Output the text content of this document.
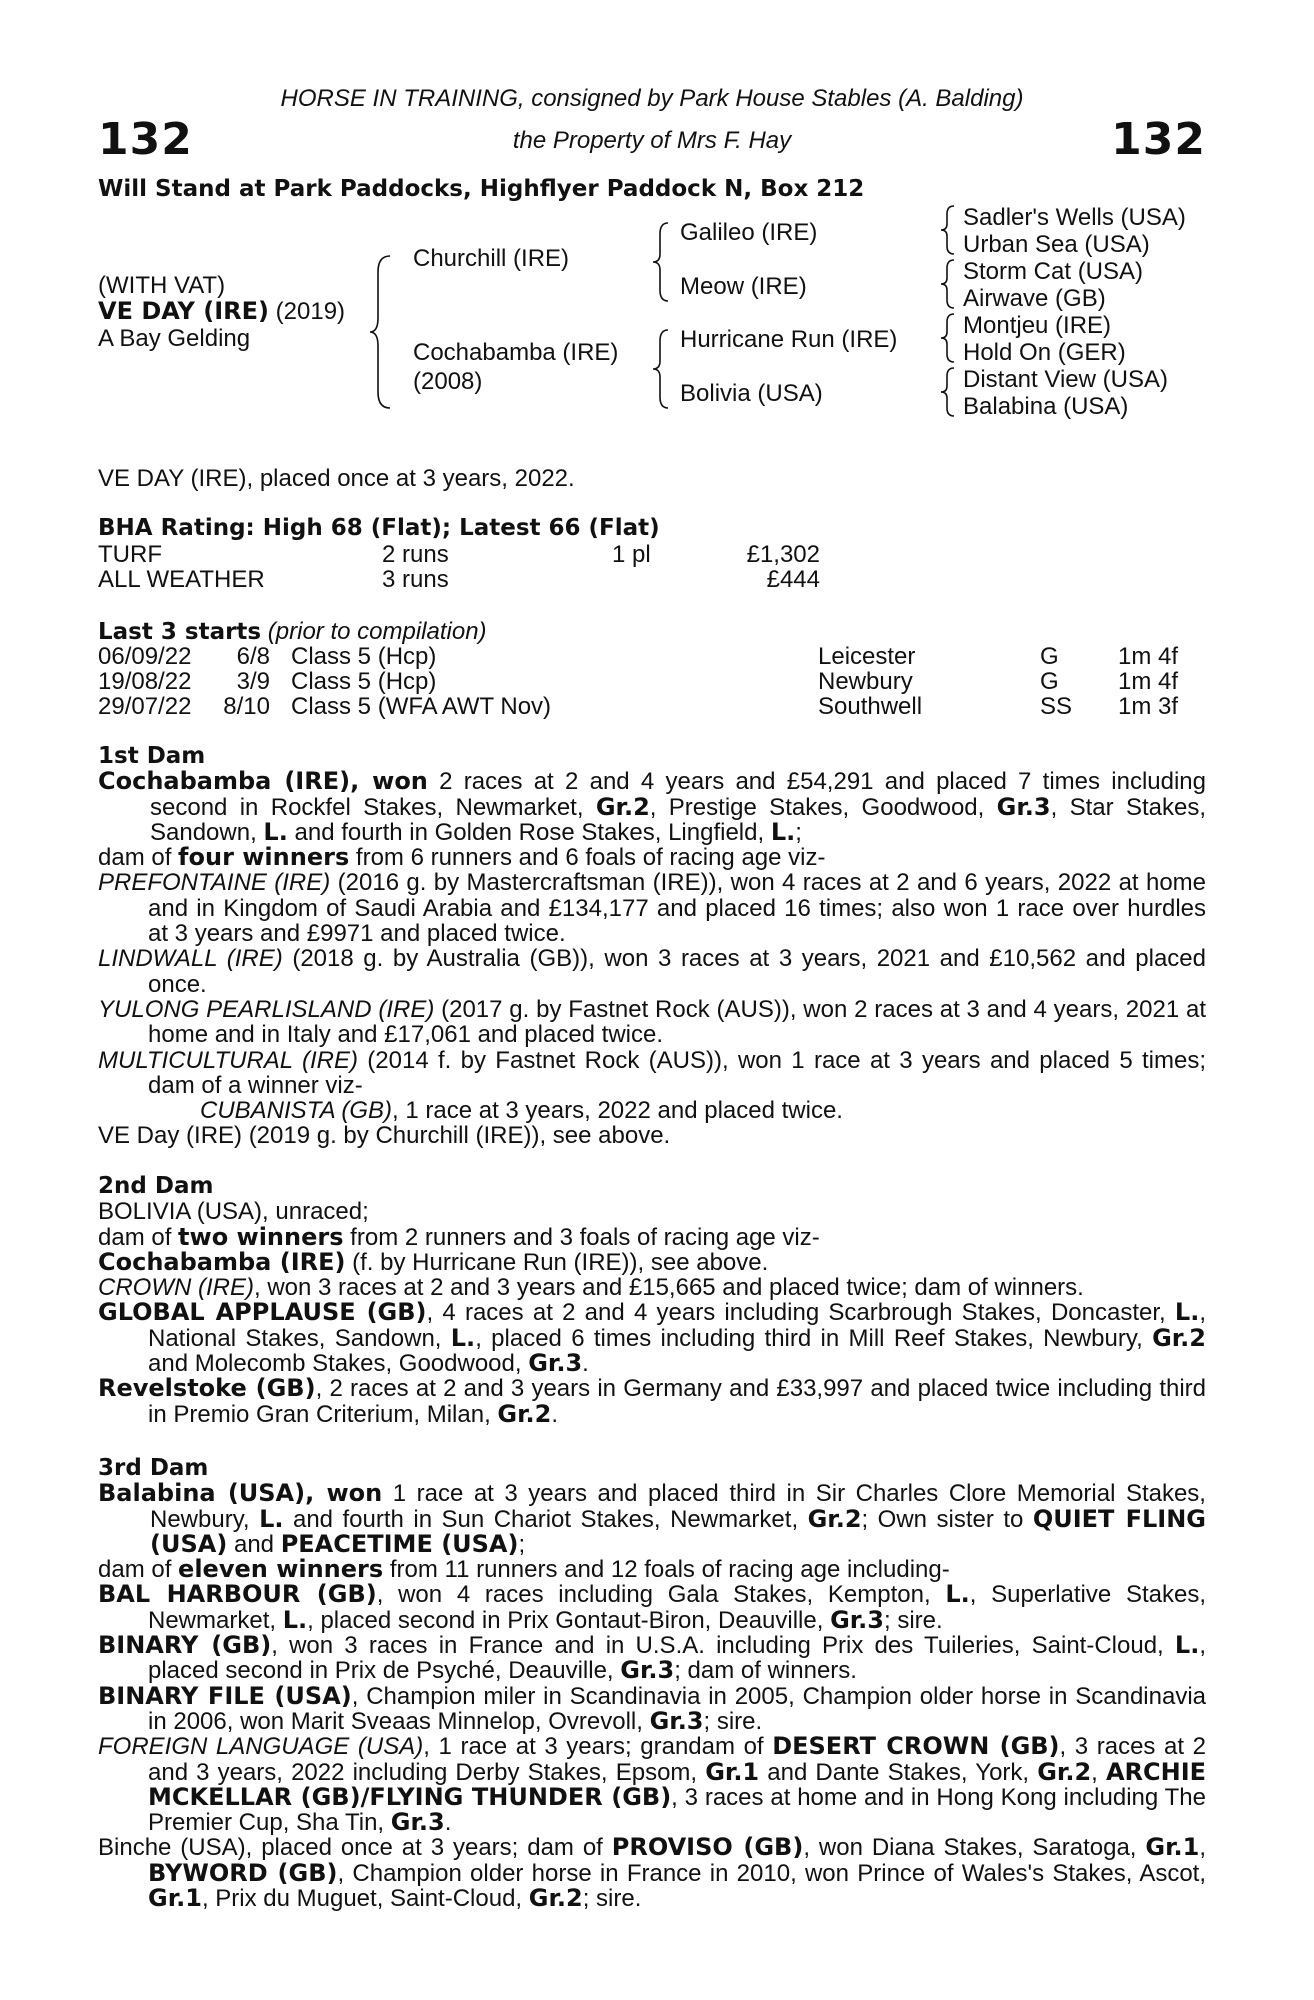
HORSE IN TRAINING, consigned by Park House Stables (A. Balding)
the Property of Mrs F. Hay
132	132
Will Stand at Park Paddocks, Highflyer Paddock N, Box 212
(WITH VAT)
VE DAY (IRE) (2019)
A Bay Gelding
Churchill (IRE)
Cochabamba (IRE)
(2008)
Galileo (IRE)
Meow (IRE)
Hurricane Run (IRE)
Bolivia (USA)
Sadler's Wells (USA)
Urban Sea (USA)
Storm Cat (USA)
Airwave (GB)
Montjeu (IRE)
Hold On (GER)
Distant View (USA)
Balabina (USA)
VE DAY (IRE), placed once at 3 years, 2022.
BHA Rating: High 68 (Flat); Latest 66 (Flat)
TURF	2 runs	1 pl	£1,302
ALL WEATHER	3 runs	£444
Last 3 starts (prior to compilation)
06/09/22	6/8 Class 5 (Hcp)	Leicester	G 1m 4f
19/08/22	3/9 Class 5 (Hcp)	Newbury	G 1m 4f
29/07/22	8/10 Class 5 (WFA AWT Nov)	Southwell	SS 1m 3f

1st Dam

Cochabamba (IRE), won 2 races at 2 and 4 years and £54,291 and placed 7 times including second in Rockfel Stakes, Newmarket, Gr.2, Prestige Stakes, Goodwood, Gr.3, Star Stakes, Sandown, L. and fourth in Golden Rose Stakes, Lingfield, L.;

dam of four winners from 6 runners and 6 foals of racing age viz-

PREFONTAINE (IRE) (2016 g. by Mastercraftsman (IRE)), won 4 races at 2 and 6 years, 2022 at home and in Kingdom of Saudi Arabia and £134,177 and placed 16 times; also won 1 race over hurdles at 3 years and £9971 and placed twice.

LINDWALL (IRE) (2018 g. by Australia (GB)), won 3 races at 3 years, 2021 and £10,562 and placed once.

YULONG PEARLISLAND (IRE) (2017 g. by Fastnet Rock (AUS)), won 2 races at 3 and 4 years, 2021 at home and in Italy and £17,061 and placed twice.

MULTICULTURAL (IRE) (2014 f. by Fastnet Rock (AUS)), won 1 race at 3 years and placed 5 times; dam of a winner viz-

CUBANISTA (GB), 1 race at 3 years, 2022 and placed twice.

VE Day (IRE) (2019 g. by Churchill (IRE)), see above.

2nd Dam

BOLIVIA (USA), unraced;

dam of two winners from 2 runners and 3 foals of racing age viz-

Cochabamba (IRE) (f. by Hurricane Run (IRE)), see above.

CROWN (IRE), won 3 races at 2 and 3 years and £15,665 and placed twice; dam of winners.

GLOBAL APPLAUSE (GB), 4 races at 2 and 4 years including Scarbrough Stakes, Doncaster, L., National Stakes, Sandown, L., placed 6 times including third in Mill Reef Stakes, Newbury, Gr.2 and Molecomb Stakes, Goodwood, Gr.3.

Revelstoke (GB), 2 races at 2 and 3 years in Germany and £33,997 and placed twice including third in Premio Gran Criterium, Milan, Gr.2.

3rd Dam

Balabina (USA), won 1 race at 3 years and placed third in Sir Charles Clore Memorial Stakes, Newbury, L. and fourth in Sun Chariot Stakes, Newmarket, Gr.2; Own sister to QUIET FLING (USA) and PEACETIME (USA);

dam of eleven winners from 11 runners and 12 foals of racing age including-

BAL HARBOUR (GB), won 4 races including Gala Stakes, Kempton, L., Superlative Stakes, Newmarket, L., placed second in Prix Gontaut-Biron, Deauville, Gr.3; sire.

BINARY (GB), won 3 races in France and in U.S.A. including Prix des Tuileries, Saint-Cloud, L., placed second in Prix de Psyché, Deauville, Gr.3; dam of winners.

BINARY FILE (USA), Champion miler in Scandinavia in 2005, Champion older horse in Scandinavia in 2006, won Marit Sveaas Minnelop, Ovrevoll, Gr.3; sire.

FOREIGN LANGUAGE (USA), 1 race at 3 years; grandam of DESERT CROWN (GB), 3 races at 2 and 3 years, 2022 including Derby Stakes, Epsom, Gr.1 and Dante Stakes, York, Gr.2, ARCHIE MCKELLAR (GB)/FLYING THUNDER (GB), 3 races at home and in Hong Kong including The Premier Cup, Sha Tin, Gr.3.

Binche (USA), placed once at 3 years; dam of PROVISO (GB), won Diana Stakes, Saratoga, Gr.1, BYWORD (GB), Champion older horse in France in 2010, won Prince of Wales's Stakes, Ascot, Gr.1, Prix du Muguet, Saint-Cloud, Gr.2; sire.
